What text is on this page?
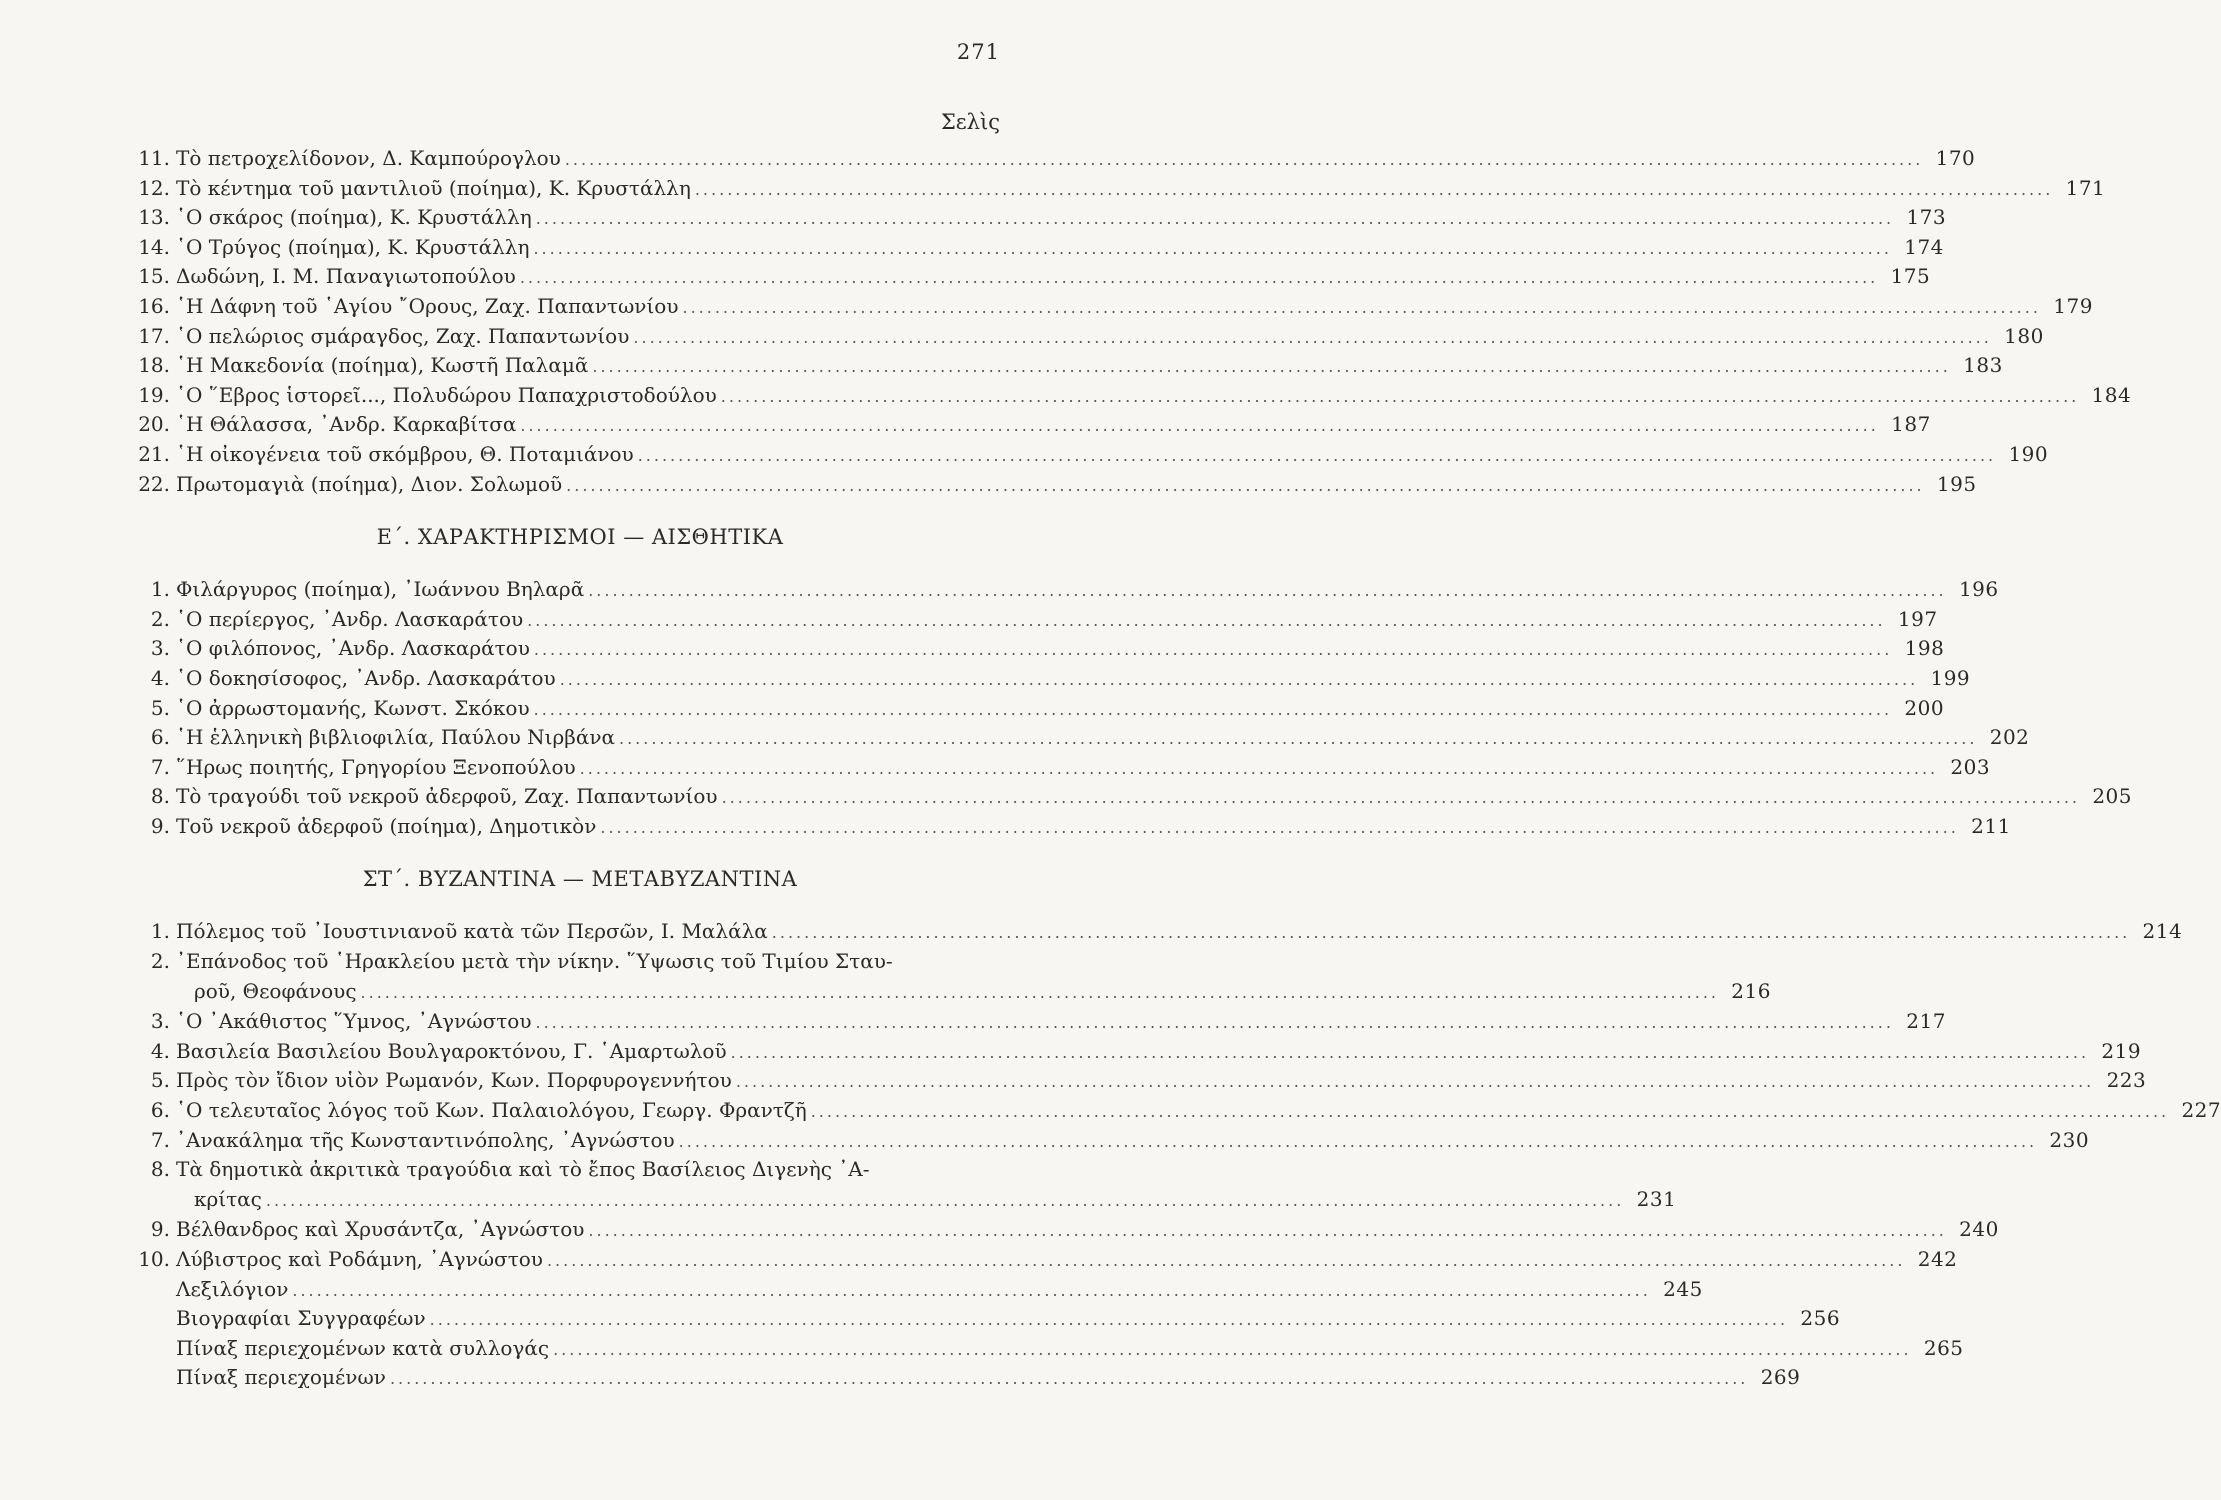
271
Σελὶς
11. Τὸ πετροχελίδονον, Δ. Καμπούρογλου .....	170
12. Τὸ κέντημα τοῦ μαντιλιοῦ (ποίημα), Κ. Κρυστάλλη .....	171
13. ῾Ο σκάρος (ποίημα), Κ. Κρυστάλλη .....	173
14. ῾Ο Τρύγος (ποίημα), Κ. Κρυστάλλη .....	174
15. Δωδώνη, Ι. Μ. Παναγιωτοπούλου .....	175
16. ῾Η Δάφνη τοῦ ῾Αγίου ῎Ορους, Ζαχ. Παπαντωνίου .....	179
17. ῾Ο πελώριος σμάραγδος, Ζαχ. Παπαντωνίου .....	180
18. ῾Η Μακεδονία (ποίημα), Κωστῆ Παλαμᾶ .....	183
19. ῾Ο ῞Εβρος ἱστορεῖ..., Πολυδώρου Παπαχριστοδούλου .....	184
20. ῾Η Θάλασσα, ᾿Ανδρ. Καρκαβίτσα .....	187
21. ῾Η οἰκογένεια τοῦ σκόμβρου, Θ. Ποταμιάνου .....	190
22. Πρωτομαγιὰ (ποίημα), Διον. Σολωμοῦ .....	195
Ε΄. ΧΑΡΑΚΤΗΡΙΣΜΟΙ — ΑΙΣΘΗΤΙΚΑ
1. Φιλάργυρος (ποίημα), ᾿Ιωάννου Βηλαρᾶ .....	196
2. ῾Ο περίεργος, ᾿Ανδρ. Λασκαράτου .....	197
3. ῾Ο φιλόπονος, ᾿Ανδρ. Λασκαράτου .....	198
4. ῾Ο δοκησίσοφος, ᾿Ανδρ. Λασκαράτου .....	199
5. ῾Ο ἀρρωστομανής, Κωνστ. Σκόκου .....	200
6. ῾Η ἑλληνικὴ βιβλιοφιλία, Παύλου Νιρβάνα .....	202
7. ῞Ηρως ποιητής, Γρηγορίου Ξενοπούλου .....	203
8. Τὸ τραγούδι τοῦ νεκροῦ ἀδερφοῦ, Ζαχ. Παπαντωνίου .....	205
9. Τοῦ νεκροῦ ἀδερφοῦ (ποίημα), Δημοτικὸν .....	211
ΣΤ΄. ΒΥΖΑΝΤΙΝΑ — ΜΕΤΑΒΥΖΑΝΤΙΝΑ
1. Πόλεμος τοῦ ᾿Ιουστινιανοῦ κατὰ τῶν Περσῶν, Ι. Μαλάλα .....	214
2. ᾿Επάνοδος τοῦ ῾Ηρακλείου μετὰ τὴν νίκην. ῞Υψωσις τοῦ Τιμίου Σταυ-
ροῦ, Θεοφάνους .....	216
3. ῾Ο ᾿Ακάθιστος ῞Υμνος, ᾿Αγνώστου .....	217
4. Βασιλεία Βασιλείου Βουλγαροκτόνου, Γ. ῾Αμαρτωλοῦ .....	219
5. Πρὸς τὸν ἴδιον υἱὸν Ρωμανόν, Κων. Πορφυρογεννήτου .....	223
6. ῾Ο τελευταῖος λόγος τοῦ Κων. Παλαιολόγου, Γεωργ. Φραντζῆ .....	227
7. ᾿Ανακάλημα τῆς Κωνσταντινόπολης, ᾿Αγνώστου .....	230
8. Τὰ δημοτικὰ ἀκριτικὰ τραγούδια καὶ τὸ ἔπος Βασίλειος Διγενὴς ᾿Α-
κρίτας .....	231
9. Βέλθανδρος καὶ Χρυσάντζα, ᾿Αγνώστου .....	240
10. Λύβιστρος καὶ Ροδάμνη, ᾿Αγνώστου .....	242
Λεξιλόγιον .....	245
Βιογραφίαι Συγγραφέων .....	256
Πίναξ περιεχομένων κατὰ συλλογάς .....	265
Πίναξ περιεχομένων .....	269
